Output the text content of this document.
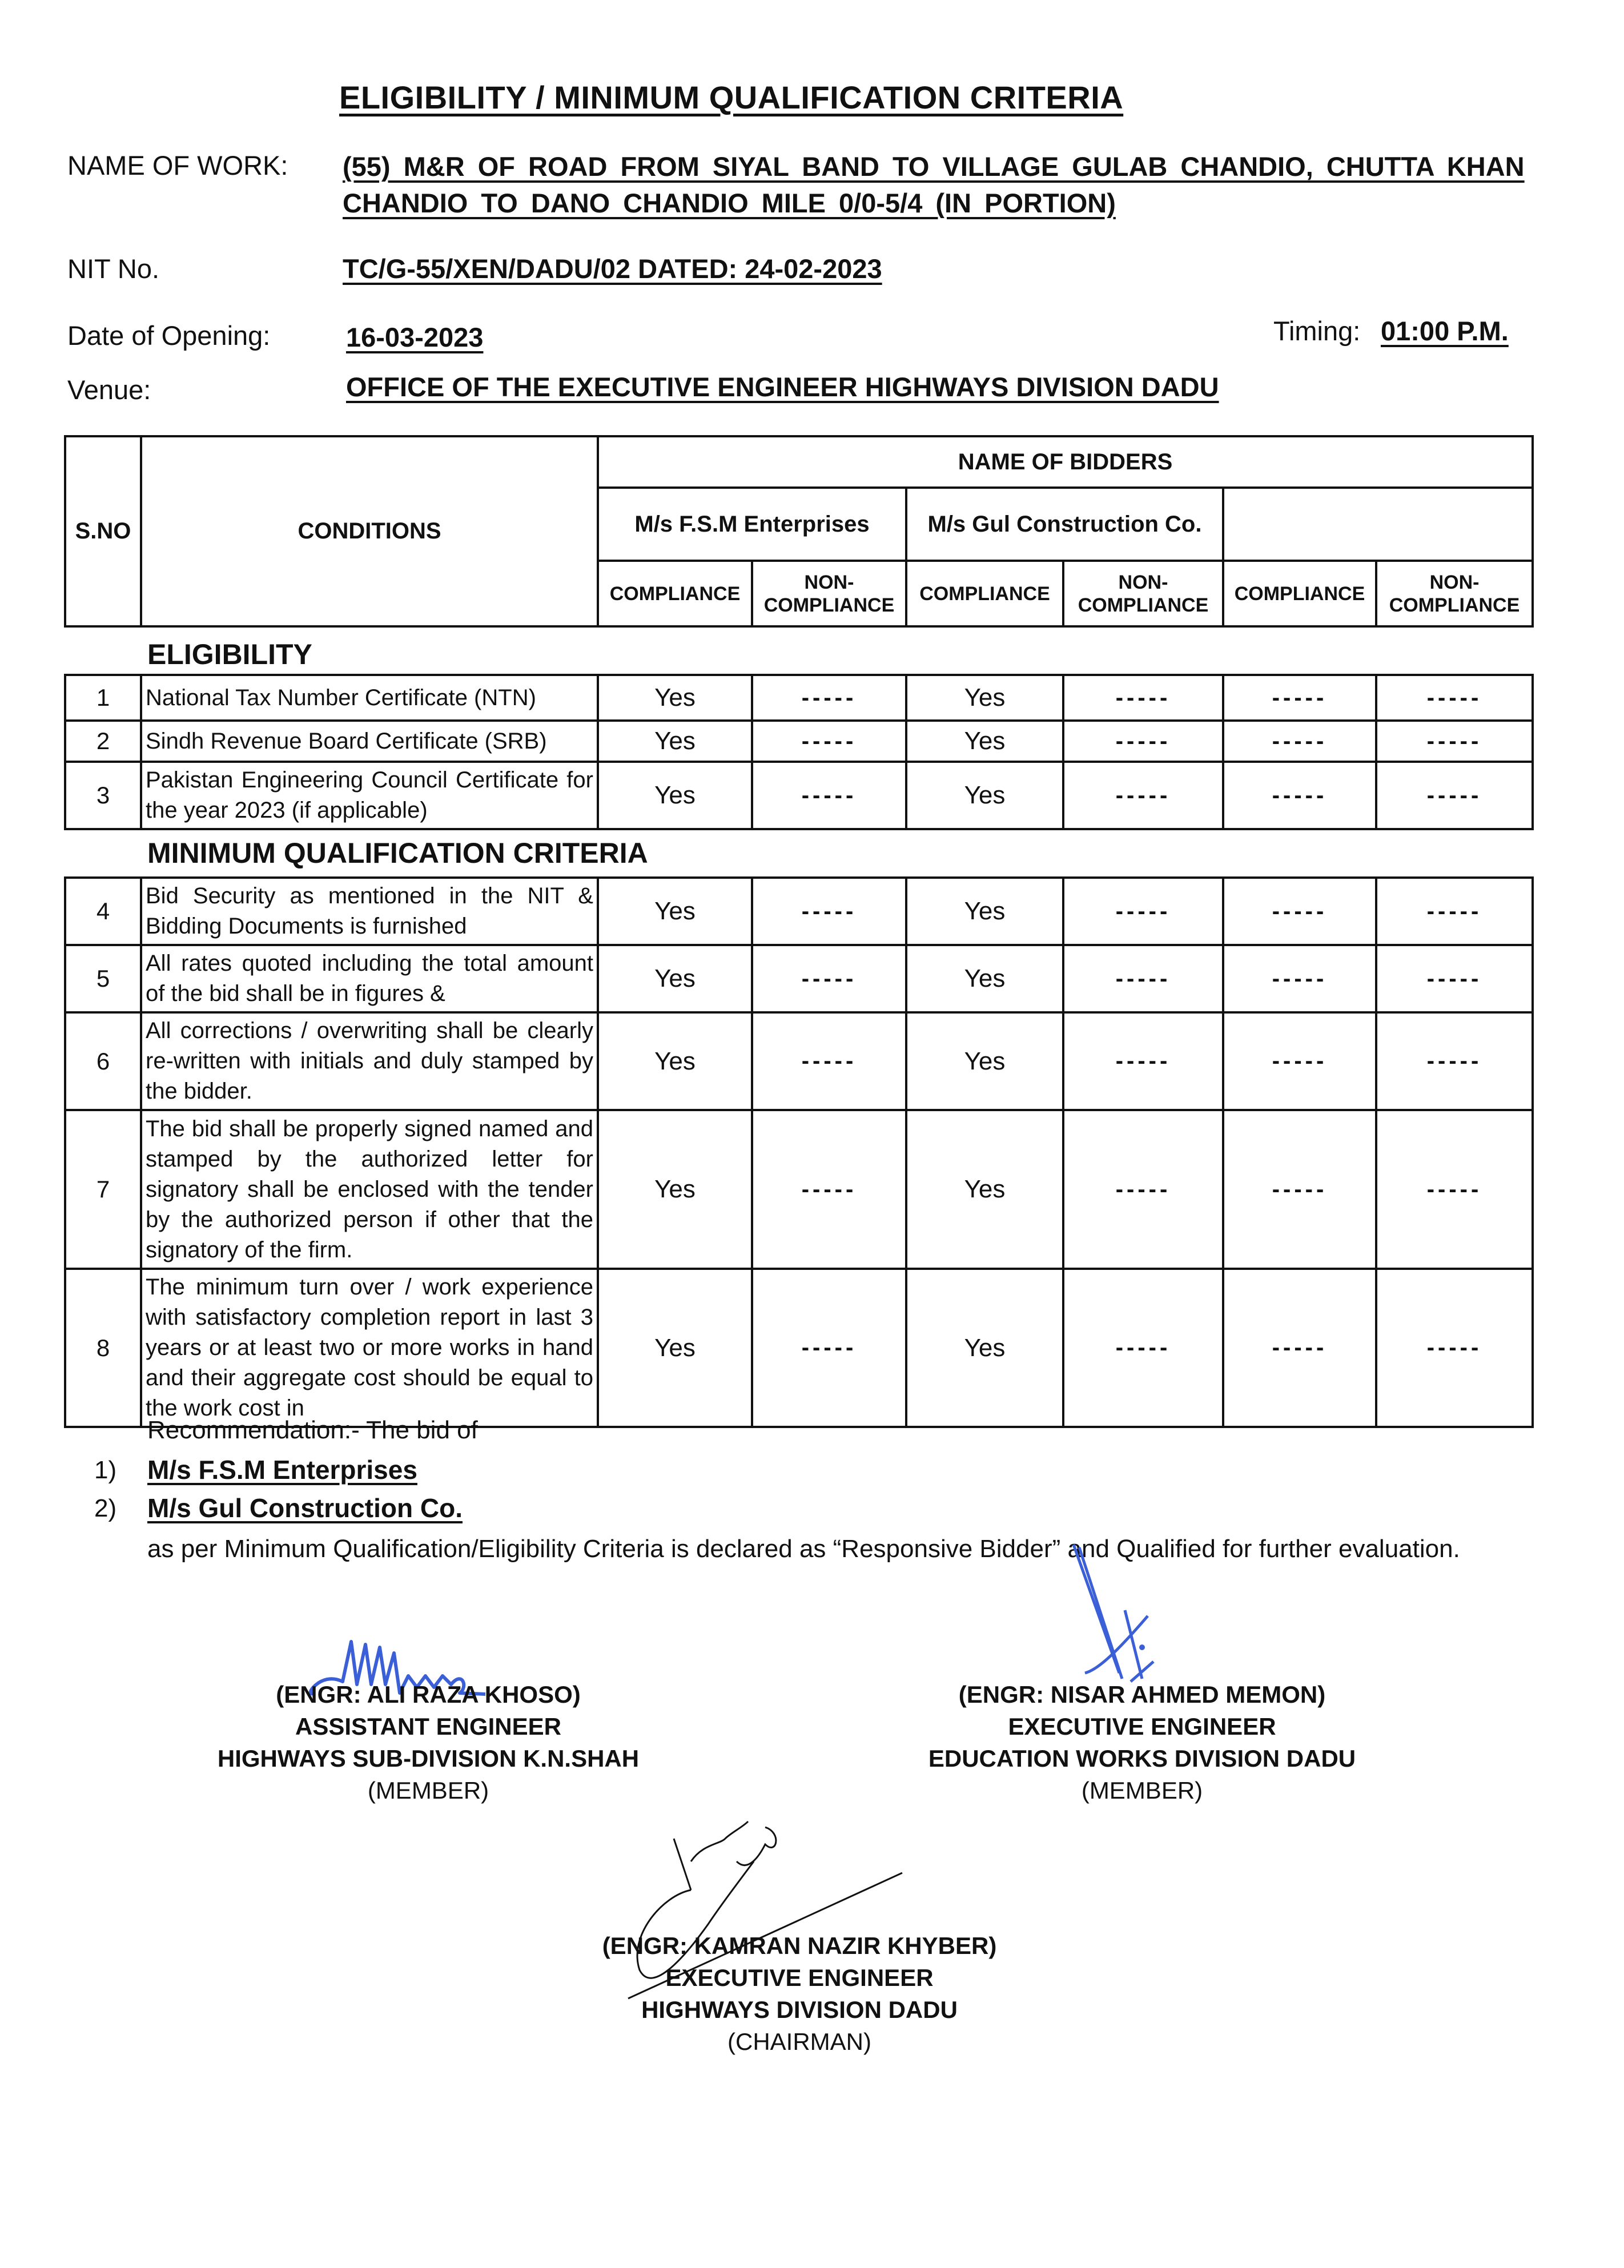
ELIGIBILITY / MINIMUM QUALIFICATION CRITERIA
NAME OF WORK: (55) M&R OF ROAD FROM SIYAL BAND TO VILLAGE GULAB CHANDIO, CHUTTA KHAN CHANDIO TO DANO CHANDIO MILE 0/0-5/4 (IN PORTION)
NIT No.	TC/G-55/XEN/DADU/02 DATED: 24-02-2023
Date of Opening:	16-03-2023	Timing: 01:00 P.M.
Venue:	OFFICE OF THE EXECUTIVE ENGINEER HIGHWAYS DIVISION DADU
S.NO	CONDITIONS	NAME OF BIDDERS					
		M/s F.S.M Enterprises		M/s Gul Construction Co.			
		COMPLIANCE	NON-COMPLIANCE	COMPLIANCE	NON-COMPLIANCE	COMPLIANCE	NON-COMPLIANCE
ELIGIBILITY
1	National Tax Number Certificate (NTN)	Yes	-----	Yes	-----	-----	-----
2	Sindh Revenue Board Certificate (SRB)	Yes	-----	Yes	-----	-----	-----
3	Pakistan Engineering Council Certificate for the year 2023 (if applicable)	Yes	-----	Yes	-----	-----	-----
MINIMUM QUALIFICATION CRITERIA
4	Bid Security as mentioned in the NIT & Bidding Documents is furnished	Yes	-----	Yes	-----	-----	-----
5	All rates quoted including the total amount of the bid shall be in figures &	Yes	-----	Yes	-----	-----	-----
6	All corrections / overwriting shall be clearly re-written with initials and duly stamped by the bidder.	Yes	-----	Yes	-----	-----	-----
7	The bid shall be properly signed named and stamped by the authorized letter for signatory shall be enclosed with the tender by the authorized person if other that the signatory of the firm.	Yes	-----	Yes	-----	-----	-----
8	The minimum turn over / work experience with satisfactory completion report in last 3 years or at least two or more works in hand and their aggregate cost should be equal to the work cost in	Yes	-----	Yes	-----	-----	-----
Recommendation:- The bid of
1) M/s F.S.M Enterprises
2) M/s Gul Construction Co.
as per Minimum Qualification/Eligibility Criteria is declared as “Responsive Bidder” and Qualified for further evaluation.
(ENGR: ALI RAZA KHOSO)
ASSISTANT ENGINEER
HIGHWAYS SUB-DIVISION K.N.SHAH
(MEMBER)
(ENGR: NISAR AHMED MEMON)
EXECUTIVE ENGINEER
EDUCATION WORKS DIVISION DADU
(MEMBER)
(ENGR: KAMRAN NAZIR KHYBER)
EXECUTIVE ENGINEER
HIGHWAYS DIVISION DADU
(CHAIRMAN)
